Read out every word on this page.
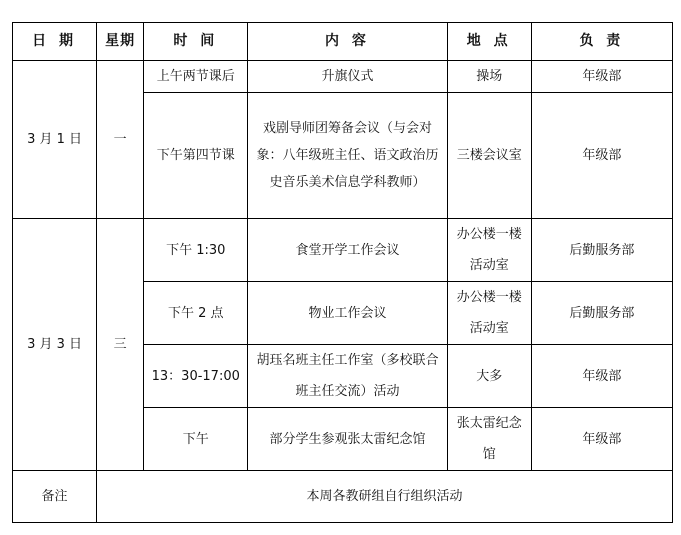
日 期	星期	时 间	内 容	地 点	负 责
3 月 1 日	一	上午两节课后	升旗仪式	操场	年级部
		下午第四节课	戏剧导师团筹备会议（与会对象：八年级班主任、语文政治历史音乐美术信息学科教师）	三楼会议室	年级部
3 月 3 日	三	下午 1:30	食堂开学工作会议	办公楼一楼活动室	后勤服务部
		下午 2 点	物业工作会议	办公楼一楼活动室	后勤服务部
		13：30-17:00	胡珏名班主任工作室（多校联合班主任交流）活动	大多	年级部
		下午	部分学生参观张太雷纪念馆	张太雷纪念馆	年级部
备注	本周各教研组自行组织活动				
